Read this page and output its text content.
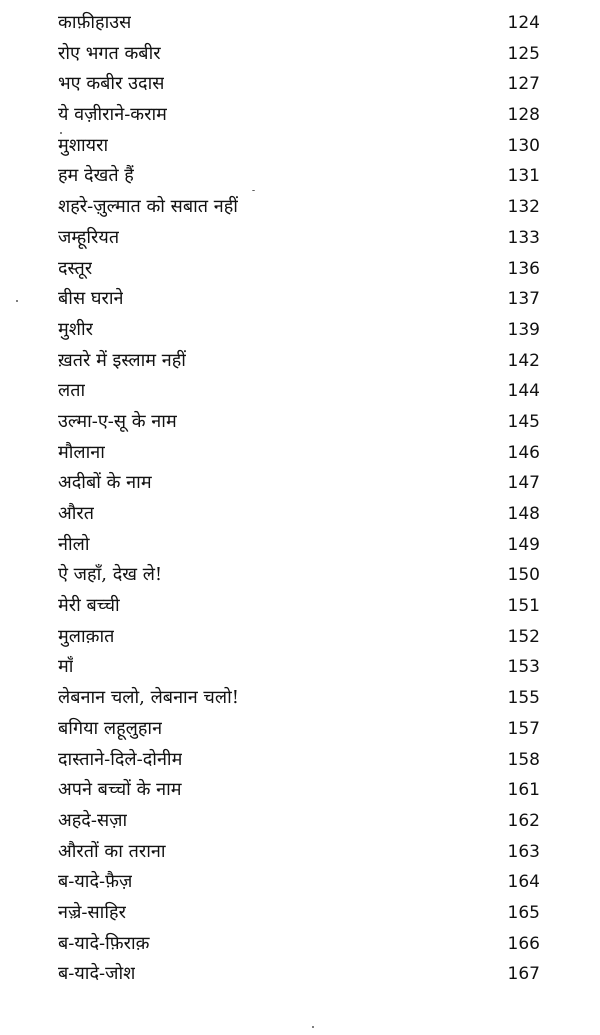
काफ़ीहाउस	124
रोए भगत कबीर	125
भए कबीर उदास	127
ये वज़ीराने-कराम	128
मुशायरा	130
हम देखते हैं	131
शहरे-ज़ुल्मात को सबात नहीं	132
जम्हूरियत	133
दस्तूर	136
बीस घराने	137
मुशीर	139
ख़तरे में इस्लाम नहीं	142
लता	144
उल्मा-ए-सू के नाम	145
मौलाना	146
अदीबों के नाम	147
औरत	148
नीलो	149
ऐ जहाँ, देख ले!	150
मेरी बच्ची	151
मुलाक़ात	152
माँ	153
लेबनान चलो, लेबनान चलो!	155
बगिया लहूलुहान	157
दास्ताने-दिले-दोनीम	158
अपने बच्चों के नाम	161
अहदे-सज़ा	162
औरतों का तराना	163
ब-यादे-फ़ैज़	164
नज़्रे-साहिर	165
ब-यादे-फ़िराक़	166
ब-यादे-जोश	167
